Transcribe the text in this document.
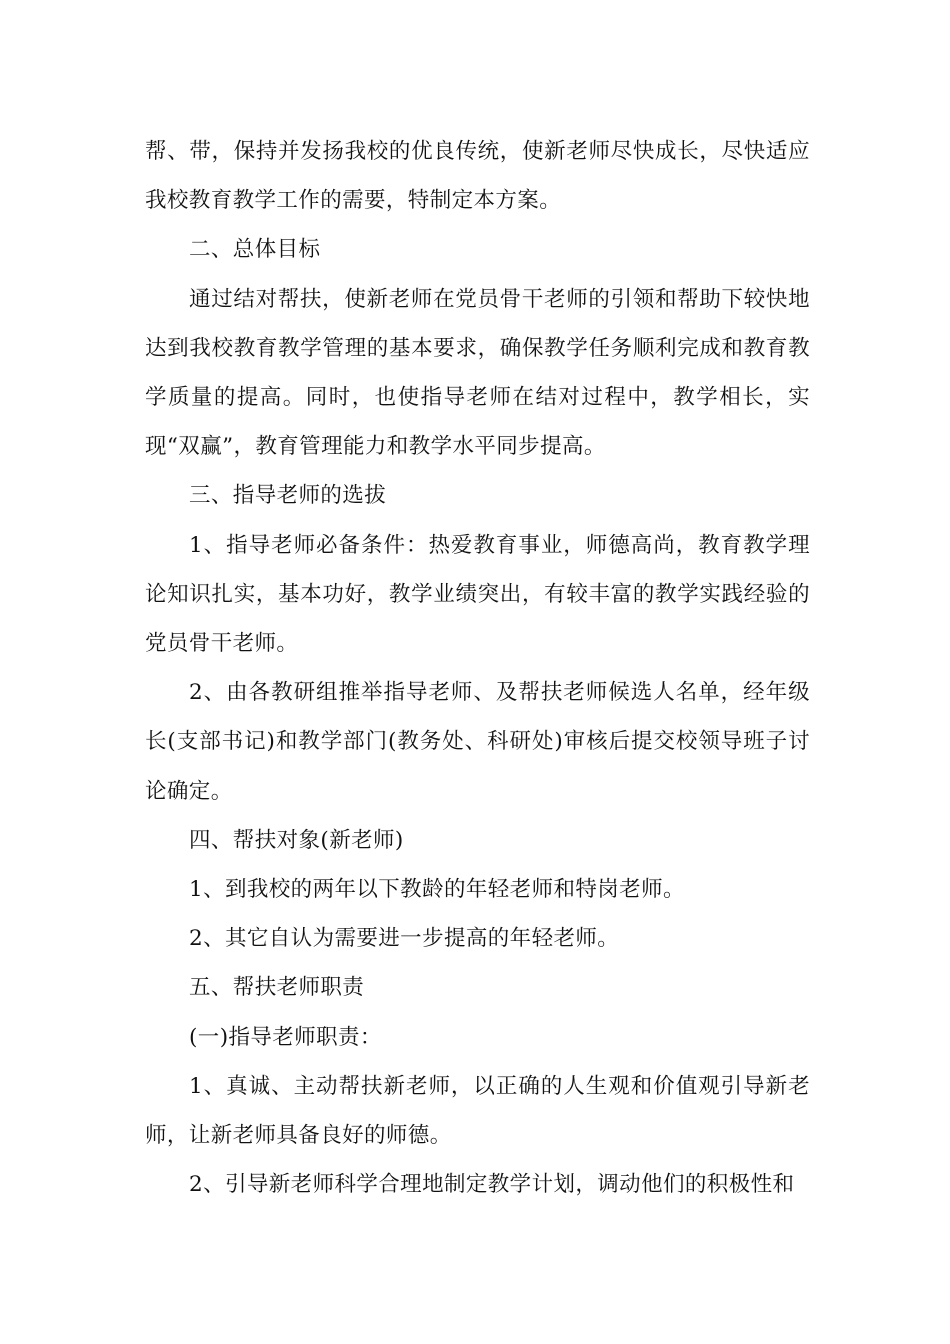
帮、带，保持并发扬我校的优良传统，使新老师尽快成长，尽快适应我校教育教学工作的需要，特制定本方案。

二、总体目标

通过结对帮扶，使新老师在党员骨干老师的引领和帮助下较快地达到我校教育教学管理的基本要求，确保教学任务顺利完成和教育教学质量的提高。同时，也使指导老师在结对过程中，教学相长，实现“双赢”，教育管理能力和教学水平同步提高。

三、指导老师的选拔

1、指导老师必备条件：热爱教育事业，师德高尚，教育教学理论知识扎实，基本功好，教学业绩突出，有较丰富的教学实践经验的党员骨干老师。

2、由各教研组推举指导老师、及帮扶老师候选人名单，经年级长(支部书记)和教学部门(教务处、科研处)审核后提交校领导班子讨论确定。

四、帮扶对象(新老师)

1、到我校的两年以下教龄的年轻老师和特岗老师。

2、其它自认为需要进一步提高的年轻老师。

五、帮扶老师职责

(一)指导老师职责：

1、真诚、主动帮扶新老师，以正确的人生观和价值观引导新老师，让新老师具备良好的师德。

2、引导新老师科学合理地制定教学计划，调动他们的积极性和
